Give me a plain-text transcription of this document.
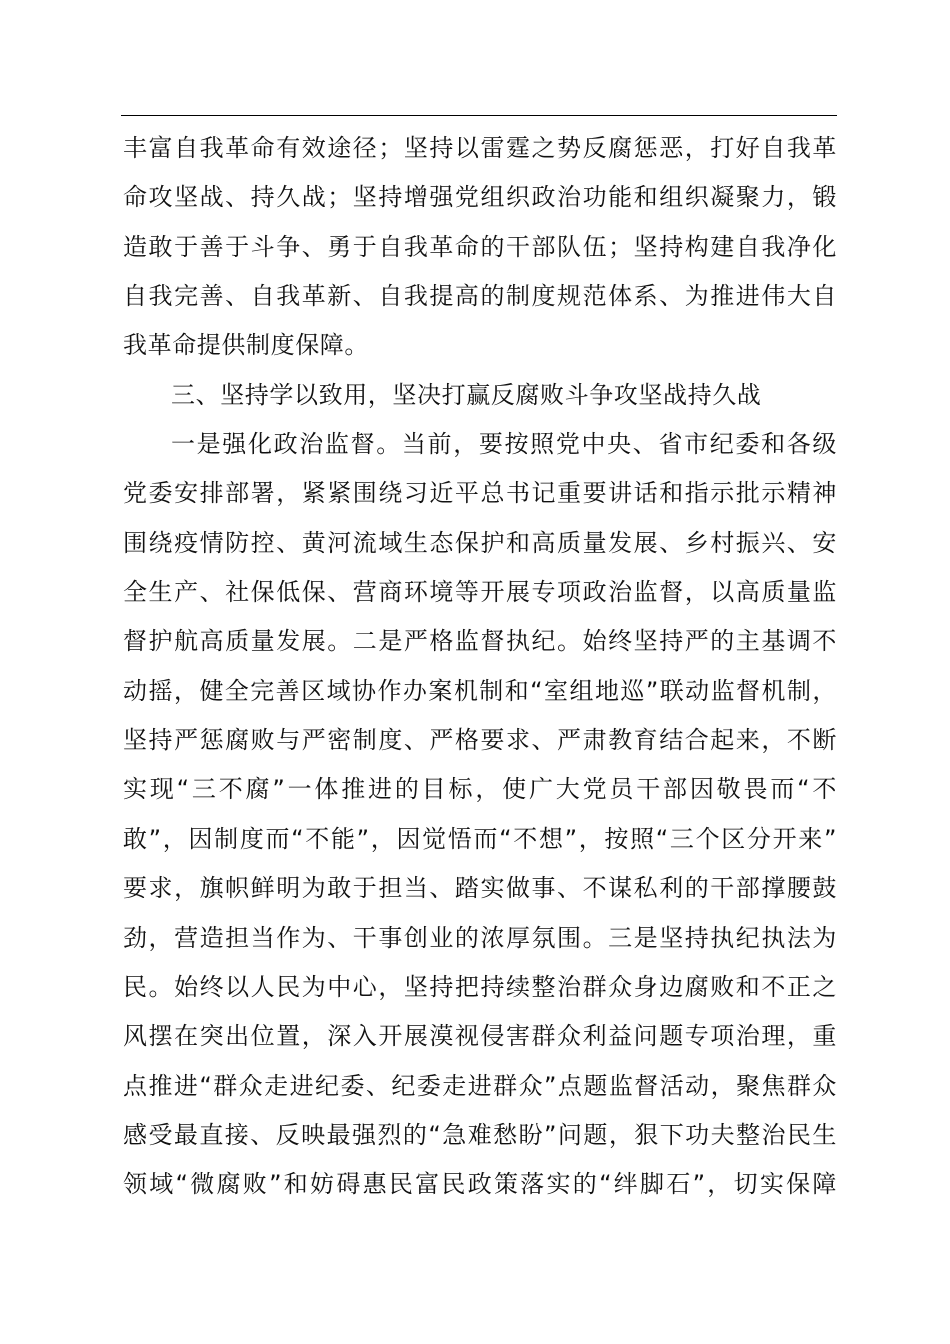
丰富自我革命有效途径；坚持以雷霆之势反腐惩恶，打好自我革
命攻坚战、持久战；坚持增强党组织政治功能和组织凝聚力，锻
造敢于善于斗争、勇于自我革命的干部队伍；坚持构建自我净化
自我完善、自我革新、自我提高的制度规范体系、为推进伟大自
我革命提供制度保障。
三、坚持学以致用，坚决打赢反腐败斗争攻坚战持久战
一是强化政治监督。当前，要按照党中央、省市纪委和各级
党委安排部署，紧紧围绕习近平总书记重要讲话和指示批示精神
围绕疫情防控、黄河流域生态保护和高质量发展、乡村振兴、安
全生产、社保低保、营商环境等开展专项政治监督，以高质量监
督护航高质量发展。二是严格监督执纪。始终坚持严的主基调不
动摇，健全完善区域协作办案机制和“室组地巡”联动监督机制，
坚持严惩腐败与严密制度、严格要求、严肃教育结合起来，不断
实现“三不腐”一体推进的目标，使广大党员干部因敬畏而“不
敢”，因制度而“不能”，因觉悟而“不想”，按照“三个区分开来”
要求，旗帜鲜明为敢于担当、踏实做事、不谋私利的干部撑腰鼓
劲，营造担当作为、干事创业的浓厚氛围。三是坚持执纪执法为
民。始终以人民为中心，坚持把持续整治群众身边腐败和不正之
风摆在突出位置，深入开展漠视侵害群众利益问题专项治理，重
点推进“群众走进纪委、纪委走进群众”点题监督活动，聚焦群众
感受最直接、反映最强烈的“急难愁盼”问题，狠下功夫整治民生
领域“微腐败”和妨碍惠民富民政策落实的“绊脚石”，切实保障
